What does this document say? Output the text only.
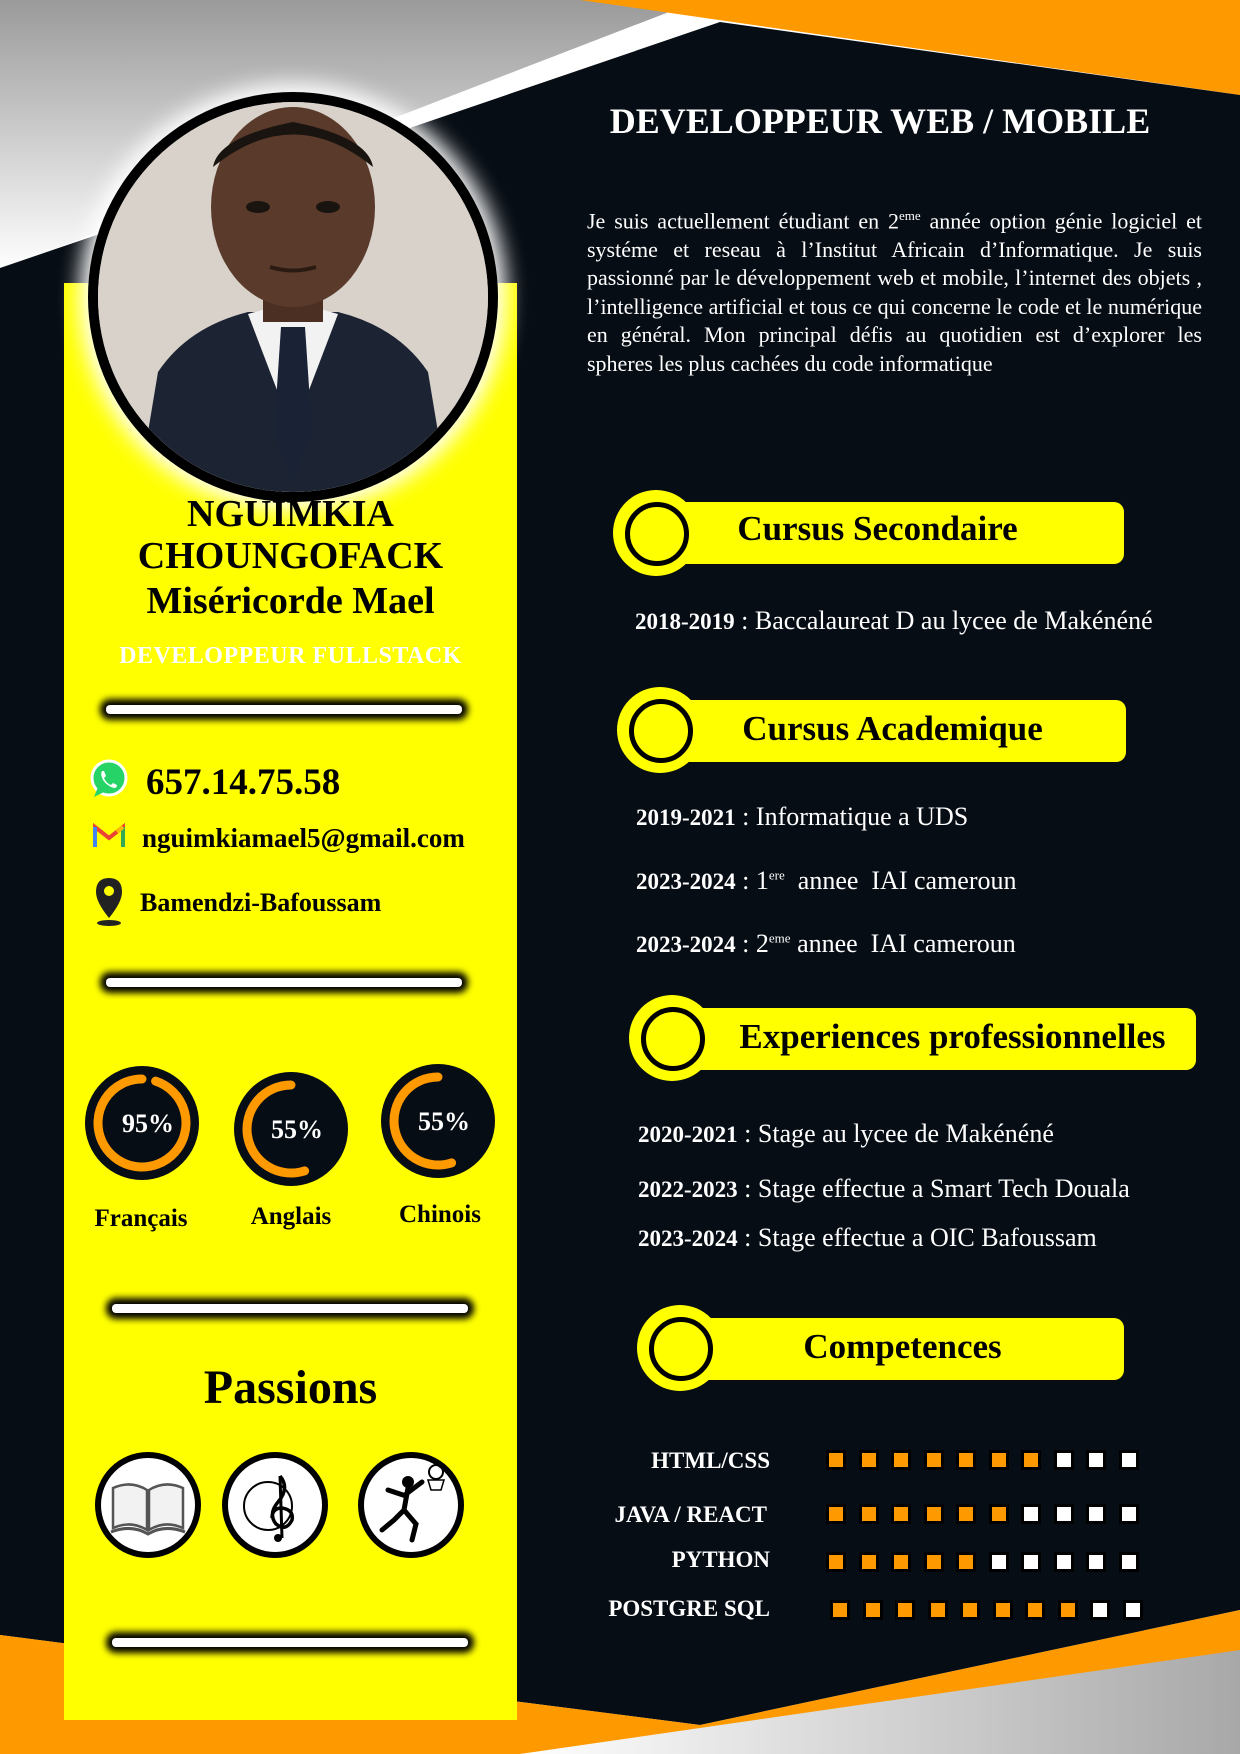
NGUIMKIA
CHOUNGOFACK
Miséricorde Mael
DEVELOPPEUR FULLSTACK
657.14.75.58
nguimkiamael5@gmail.com
Bamendzi-Bafoussam
95%	55%	55%
Français	Anglais	Chinois
Passions
DEVELOPPEUR WEB / MOBILE
Je suis actuellement étudiant en 2eme année option génie logiciel et systéme et reseau à l’Institut Africain d’Informatique. Je suis passionné par le développement web et mobile, l’internet des objets , l’intelligence artificial et tous ce qui concerne le code et le numérique en général. Mon principal défis au quotidien est d’explorer les spheres les plus cachées du code informatique
Cursus Secondaire
2018-2019 : Baccalaureat D au lycee de Makénéné
Cursus Academique
2019-2021 : Informatique a UDS
2023-2024 : 1ere  annee  IAI cameroun
2023-2024 : 2eme annee  IAI cameroun
Experiences professionnelles
2020-2021 : Stage au lycee de Makénéné
2022-2023 : Stage effectue a Smart Tech Douala
2023-2024 : Stage effectue a OIC Bafoussam
Competences
HTML/CSS
JAVA / REACT
PYTHON
POSTGRE SQL
